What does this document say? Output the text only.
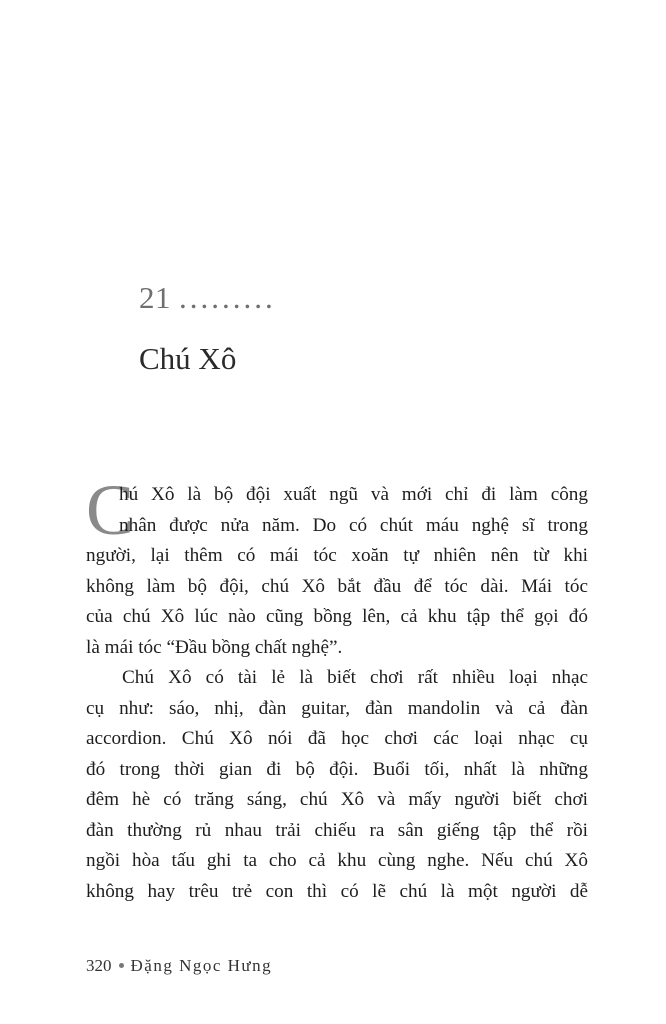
21 .........
Chú Xô
C
hú Xô là bộ đội xuất ngũ và mới chỉ đi làm công
nhân được nửa năm. Do có chút máu nghệ sĩ trong
người, lại thêm có mái tóc xoăn tự nhiên nên từ khi
không làm bộ đội, chú Xô bắt đầu để tóc dài. Mái tóc
của chú Xô lúc nào cũng bồng lên, cả khu tập thể gọi đó
là mái tóc “Đầu bồng chất nghệ”.
Chú Xô có tài lẻ là biết chơi rất nhiều loại nhạc
cụ như: sáo, nhị, đàn guitar, đàn mandolin và cả đàn
accordion. Chú Xô nói đã học chơi các loại nhạc cụ
đó trong thời gian đi bộ đội. Buổi tối, nhất là những
đêm hè có trăng sáng, chú Xô và mấy người biết chơi
đàn thường rủ nhau trải chiếu ra sân giếng tập thể rồi
ngồi hòa tấu ghi ta cho cả khu cùng nghe. Nếu chú Xô
không hay trêu trẻ con thì có lẽ chú là một người dễ
320 Đặng Ngọc Hưng
